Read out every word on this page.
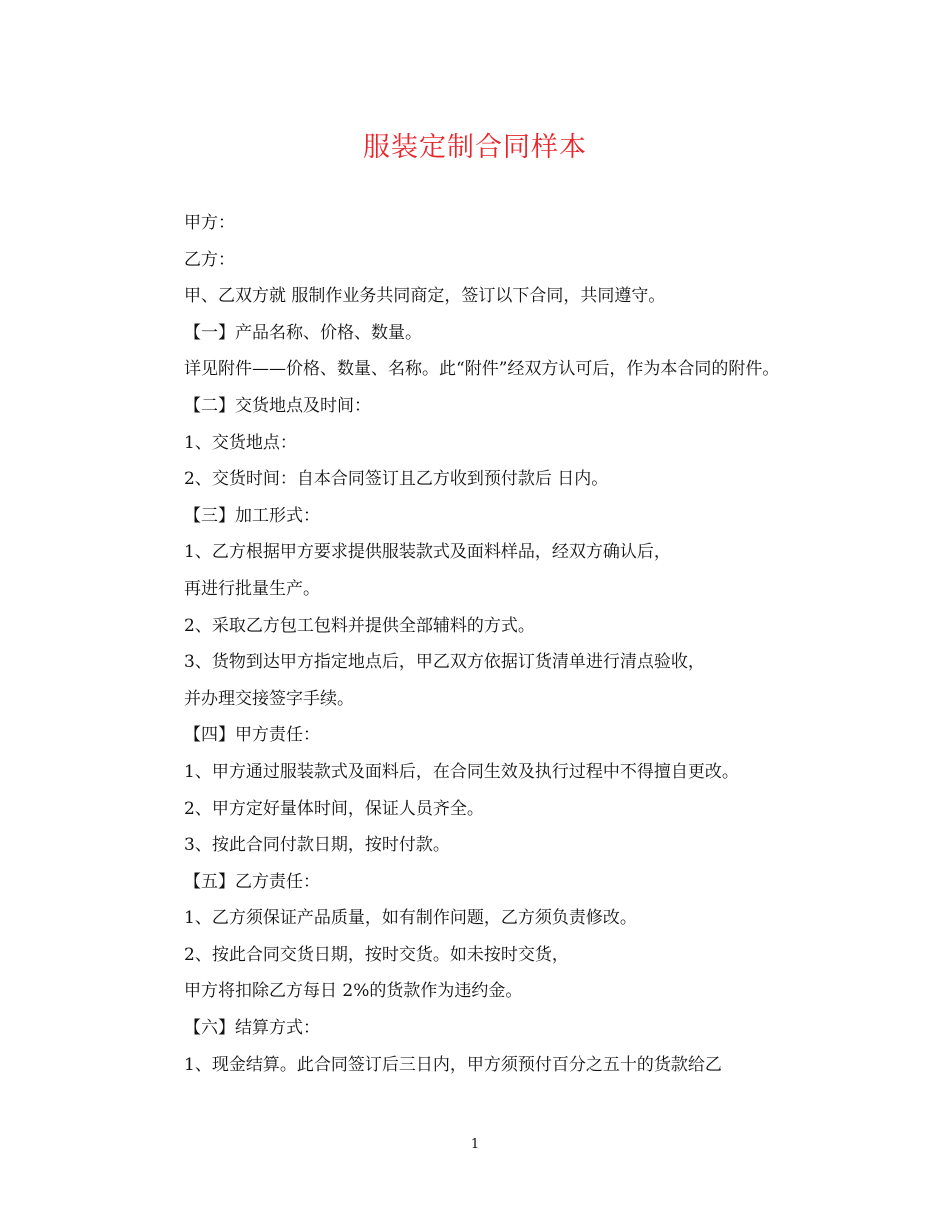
服装定制合同样本

甲方：

乙方：

甲、乙双方就 服制作业务共同商定，签订以下合同，共同遵守。

【一】产品名称、价格、数量。

详见附件——价格、数量、名称。此“附件”经双方认可后，作为本合同的附件。

【二】交货地点及时间：

1、交货地点：

2、交货时间：自本合同签订且乙方收到预付款后 日内。

【三】加工形式：

1、乙方根据甲方要求提供服装款式及面料样品，经双方确认后，

再进行批量生产。

2、采取乙方包工包料并提供全部辅料的方式。

3、货物到达甲方指定地点后，甲乙双方依据订货清单进行清点验收，

并办理交接签字手续。

【四】甲方责任：

1、甲方通过服装款式及面料后，在合同生效及执行过程中不得擅自更改。

2、甲方定好量体时间，保证人员齐全。

3、按此合同付款日期，按时付款。

【五】乙方责任：

1、乙方须保证产品质量，如有制作问题，乙方须负责修改。

2、按此合同交货日期，按时交货。如未按时交货，

甲方将扣除乙方每日 2%的货款作为违约金。

【六】结算方式：

1、现金结算。此合同签订后三日内，甲方须预付百分之五十的货款给乙

1
